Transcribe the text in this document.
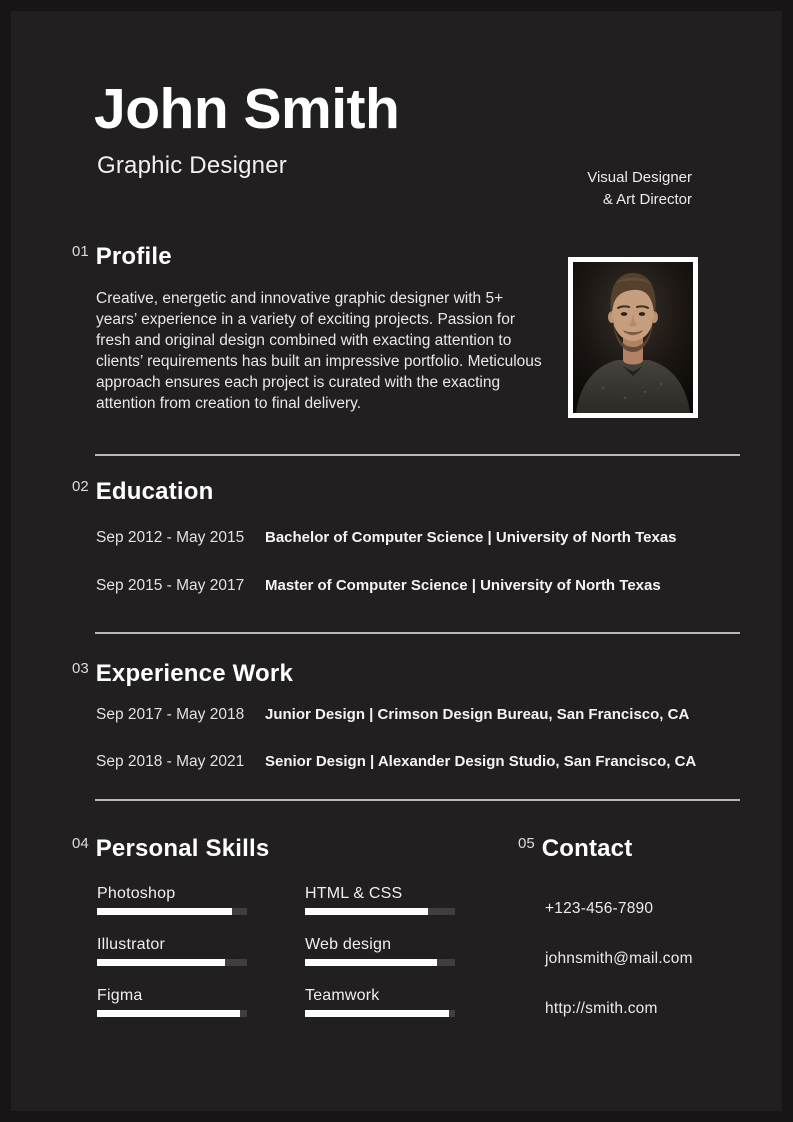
John Smith
Graphic Designer	Visual Designer
& Art Director
01 Profile

Creative, energetic and innovative graphic designer with 5+ years’ experience in a variety of exciting projects. Passion for fresh and original design combined with exacting attention to clients’ requirements has built an impressive portfolio. Meticulous approach ensures each project is curated with the exacting attention from creation to final delivery.

02 Education
Sep 2012 - May 2015 Bachelor of Computer Science | University of North Texas
Sep 2015 - May 2017 Master of Computer Science | University of North Texas
03 Experience Work
Sep 2017 - May 2018 Junior Design | Crimson Design Bureau, San Francisco, CA
Sep 2018 - May 2021 Senior Design | Alexander Design Studio, San Francisco, CA
04 Personal Skills
Photoshop
Illustrator
Figma
HTML & CSS
Web design
Teamwork
05 Contact
+123-456-7890
johnsmith@mail.com
http://smith.com
